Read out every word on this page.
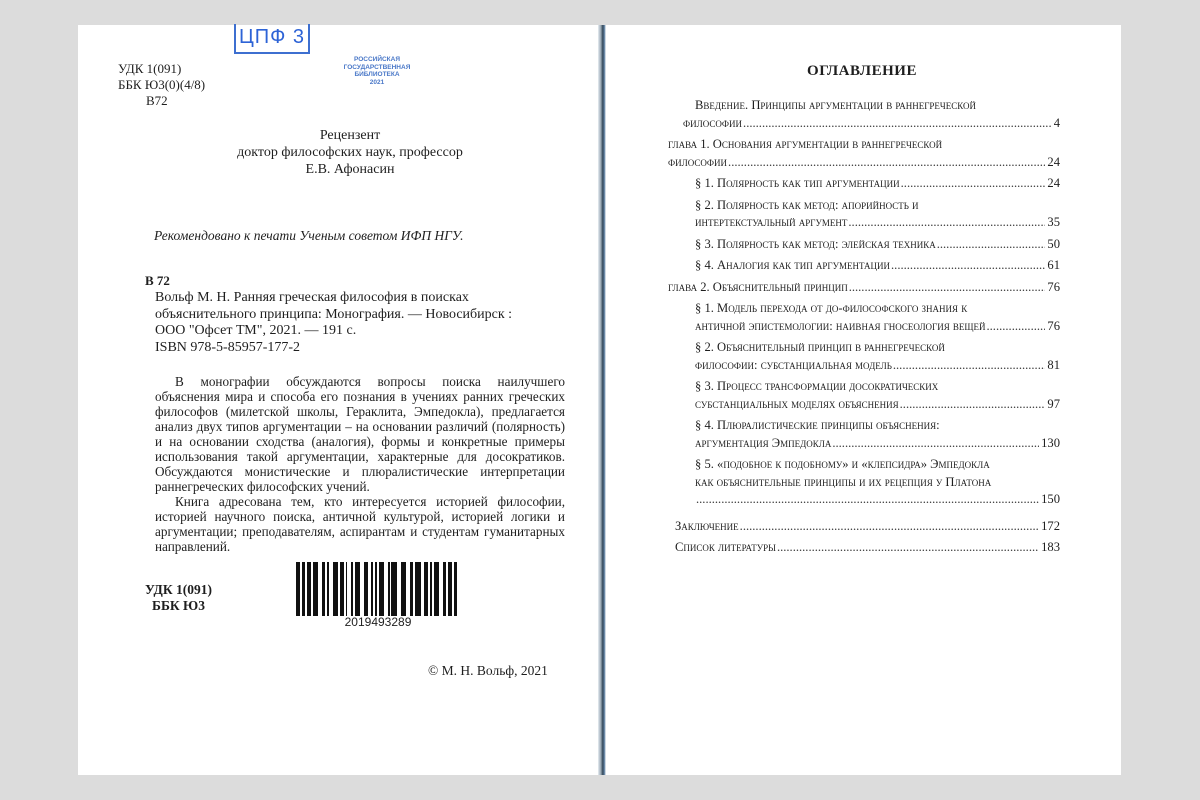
ЦПФ 3
РОССИЙСКАЯ
ГОСУДАРСТВЕННАЯ
БИБЛИОТЕКА
2021
УДК 1(091)
ББК Ю3(0)(4/8)
В72
Рецензент
доктор философских наук, профессор
Е.В. Афонасин
Рекомендовано к печати Ученым советом ИФП НГУ.
В 72
Вольф М. Н. Ранняя греческая философия в поисках
объяснительного принципа: Монография. — Новосибирск :
ООО "Офсет ТМ", 2021. — 191 с.
ISBN 978-5-85957-177-2

В монографии обсуждаются вопросы поиска наилучшего объяснения мира и способа его познания в учениях ранних греческих философов (милетской школы, Гераклита, Эмпедокла), предлагается анализ двух типов аргументации – на основании различий (полярность) и на основании сходства (аналогия), формы и конкретные примеры использования такой аргументации, характерные для досократиков. Обсуждаются монистические и плюралистические интерпретации раннегреческих философских учений.

Книга адресована тем, кто интересуется историей философии, историей научного поиска, античной культурой, историей логики и аргументации; преподавателям, аспирантам и студентам гуманитарных направлений.

УДК 1(091)
ББК Ю3
2019493289
© М. Н. Вольф, 2021
ОГЛАВЛЕНИЕ
Введение. Принципы аргументации в раннегреческой
философии .....	4
глава 1. Основания аргументации в раннегреческой
философии .....	24
§ 1. Полярность как тип аргументации .....	24
§ 2. Полярность как метод: апорийность и
интертекстуальный аргумент .....	35
§ 3. Полярность как метод: элейская техника .....	50
§ 4. Аналогия как тип аргументации .....	61
глава 2. Объяснительный принцип .....	76
§ 1. Модель перехода от до-философского знания к
античной эпистемологии: наивная гносеология вещей .....	76
§ 2. Объяснительный принцип в раннегреческой
философии: субстанциальная модель .....	81
§ 3. Процесс трансформации досократических
субстанциальных моделях объяснения .....	97
§ 4. Плюралистические принципы объяснения:
аргументация Эмпедокла .....	130
§ 5. «подобное к подобному» и «клепсидра» Эмпедокла
как объяснительные принципы и их рецепция у Платона
.....
150
Заключение .....	172
Список литературы .....	183
